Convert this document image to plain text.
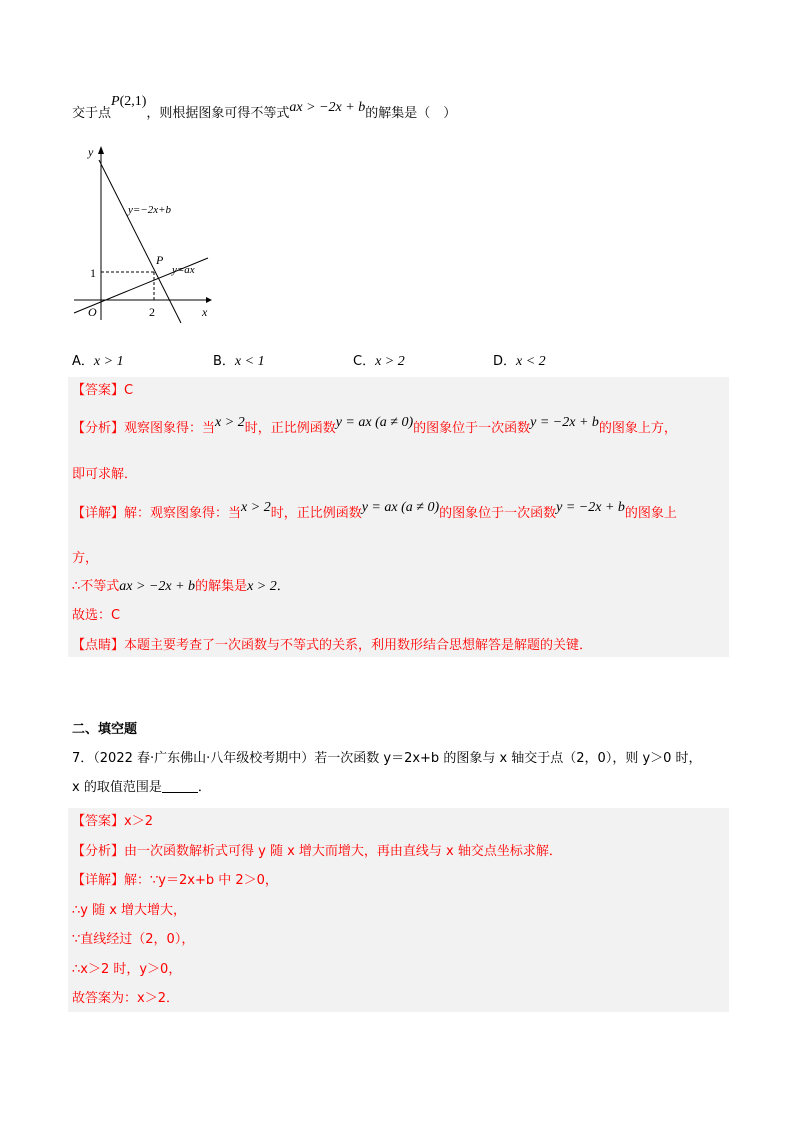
交于点P(2,1)，则根据图象可得不等式ax > −2x + b的解集是（　）
y
x
O
y=−2x+b
y=ax
P
2
1
A．x > 1	B．x < 1	C．x > 2	D．x < 2
【答案】C
【分析】观察图象得：当x > 2时，正比例函数y = ax (a ≠ 0)的图象位于一次函数y = −2x + b的图象上方，
即可求解．
【详解】解：观察图象得：当x > 2时，正比例函数y = ax (a ≠ 0)的图象位于一次函数y = −2x + b的图象上
方，
∴不等式ax > −2x + b的解集是x > 2．
故选：C
【点睛】本题主要考查了一次函数与不等式的关系，利用数形结合思想解答是解题的关键．
二、填空题
7．（2022 春·广东佛山·八年级校考期中）若一次函数 y＝2x+b 的图象与 x 轴交于点（2，0），则 y＞0 时，
x 的取值范围是	．
【答案】x＞2
【分析】由一次函数解析式可得 y 随 x 增大而增大，再由直线与 x 轴交点坐标求解．
【详解】解：∵y＝2x+b 中 2＞0，
∴y 随 x 增大增大，
∵直线经过（2，0），
∴x＞2 时，y＞0，
故答案为：x＞2．
